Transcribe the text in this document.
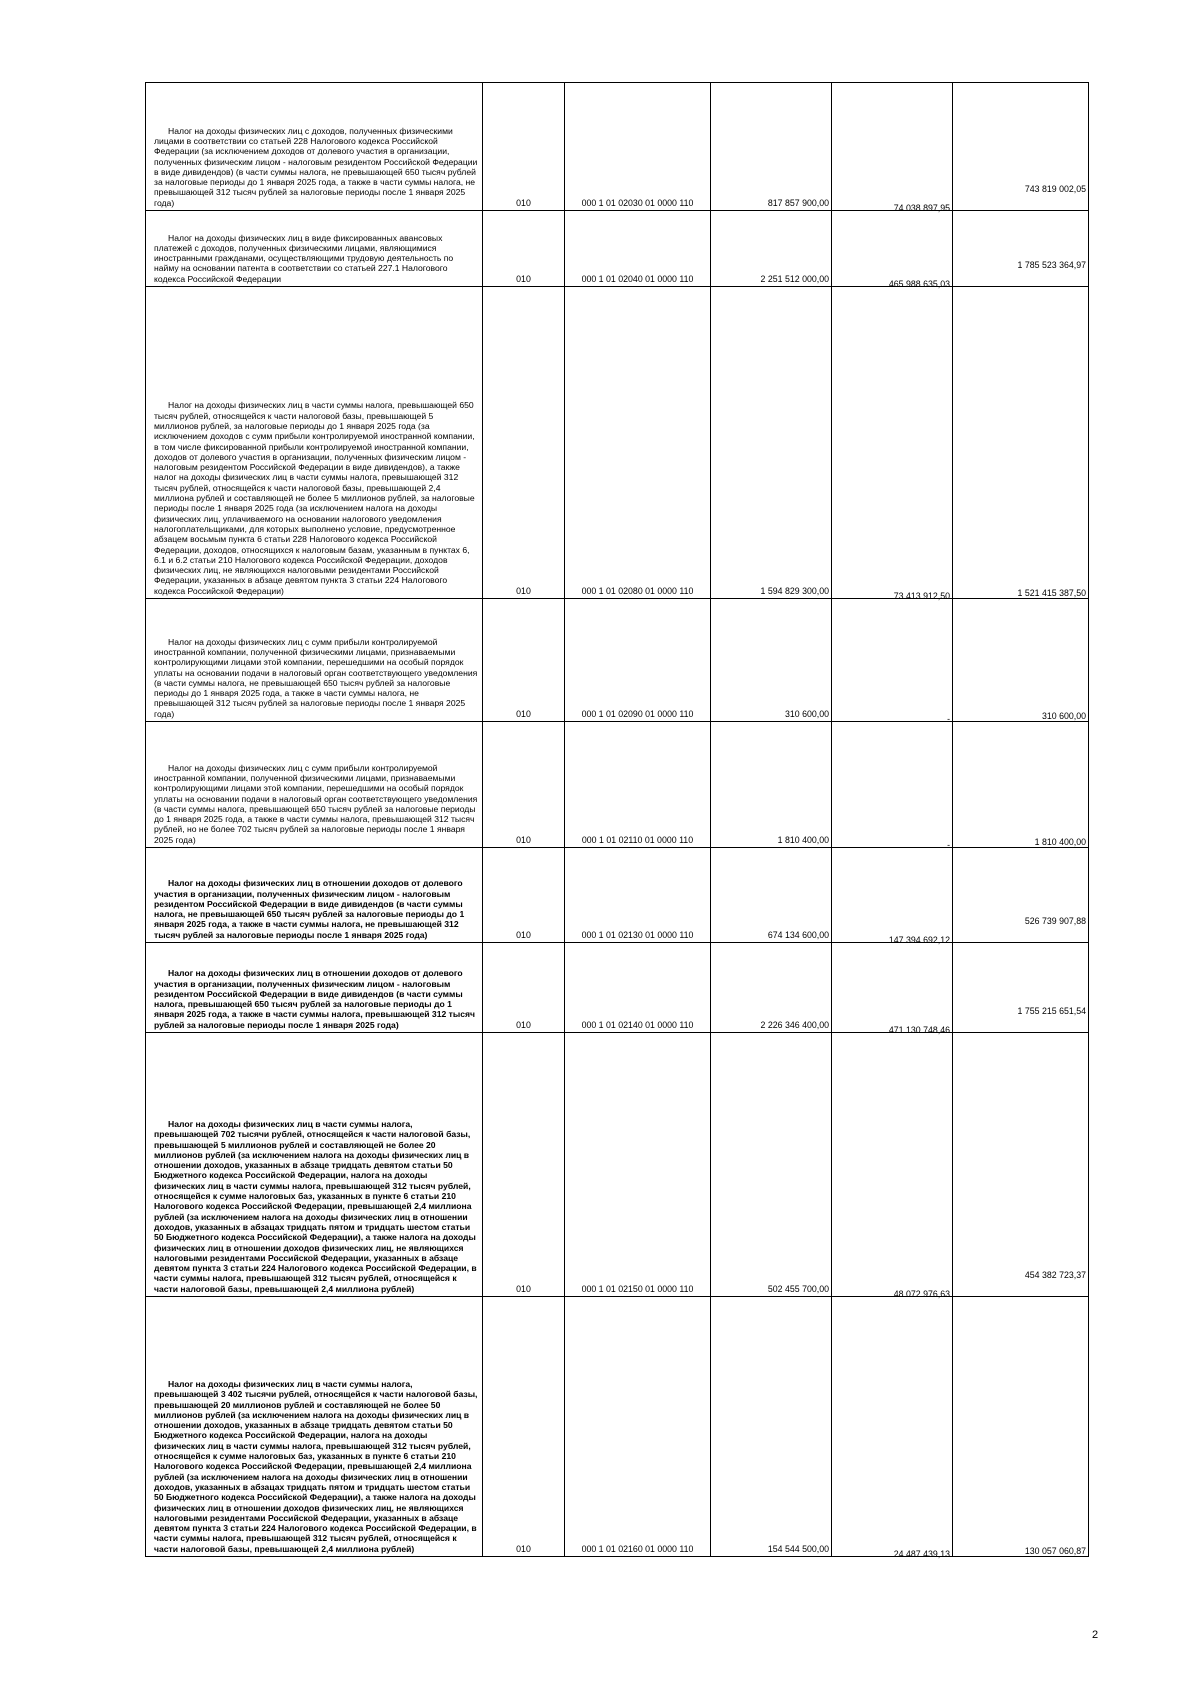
Налог на доходы физических лиц с доходов, полученных физическими лицами в соответствии со статьей 228 Налогового кодекса Российской Федерации (за исключением доходов от долевого участия в организации, полученных физическим лицом - налоговым резидентом Российской Федерации в виде дивидендов) (в части суммы налога, не превышающей 650 тысяч рублей за налоговые периоды до 1 января 2025 года, а также в части суммы налога, не превышающей 312 тысяч рублей за налоговые периоды после 1 января 2025 года)	010	000 1 01 02030 01 0000 110	817 857 900,00	74 038 897,95	743 819 002,05

Налог на доходы физических лиц в виде фиксированных авансовых платежей с доходов, полученных физическими лицами, являющимися иностранными гражданами, осуществляющими трудовую деятельность по найму на основании патента в соответствии со статьей 227.1 Налогового кодекса Российской Федерации	010	000 1 01 02040 01 0000 110	2 251 512 000,00	465 988 635,03	1 785 523 364,97

Налог на доходы физических лиц в части суммы налога, превышающей 650 тысяч рублей, относящейся к части налоговой базы, превышающей 5 миллионов рублей, за налоговые периоды до 1 января 2025 года (за исключением доходов с сумм прибыли контролируемой иностранной компании, в том числе фиксированной прибыли контролируемой иностранной компании, доходов от долевого участия в организации, полученных физическим лицом - налоговым резидентом Российской Федерации в виде дивидендов), а также налог на доходы физических лиц в части суммы налога, превышающей 312 тысяч рублей, относящейся к части налоговой базы, превышающей 2,4 миллиона рублей и составляющей не более 5 миллионов рублей, за налоговые периоды после 1 января 2025 года (за исключением налога на доходы физических лиц, уплачиваемого на основании налогового уведомления налогоплательщиками, для которых выполнено условие, предусмотренное абзацем восьмым пункта 6 статьи 228 Налогового кодекса Российской Федерации, доходов, относящихся к налоговым базам, указанным в пунктах 6, 6.1 и 6.2 статьи 210 Налогового кодекса Российской Федерации, доходов физических лиц, не являющихся налоговыми резидентами Российской Федерации, указанных в абзаце девятом пункта 3 статьи 224 Налогового кодекса Российской Федерации)	010	000 1 01 02080 01 0000 110	1 594 829 300,00	73 413 912,50	1 521 415 387,50

Налог на доходы физических лиц с сумм прибыли контролируемой иностранной компании, полученной физическими лицами, признаваемыми контролирующими лицами этой компании, перешедшими на особый порядок уплаты на основании подачи в налоговый орган соответствующего уведомления (в части суммы налога, не превышающей 650 тысяч рублей за налоговые периоды до 1 января 2025 года, а также в части суммы налога, не превышающей 312 тысяч рублей за налоговые периоды после 1 января 2025 года)	010	000 1 01 02090 01 0000 110	310 600,00	-	310 600,00

Налог на доходы физических лиц с сумм прибыли контролируемой иностранной компании, полученной физическими лицами, признаваемыми контролирующими лицами этой компании, перешедшими на особый порядок уплаты на основании подачи в налоговый орган соответствующего уведомления (в части суммы налога, превышающей 650 тысяч рублей за налоговые периоды до 1 января 2025 года, а также в части суммы налога, превышающей 312 тысяч рублей, но не более 702 тысяч рублей за налоговые периоды после 1 января 2025 года)	010	000 1 01 02110 01 0000 110	1 810 400,00	-	1 810 400,00

Налог на доходы физических лиц в отношении доходов от долевого участия в организации, полученных физическим лицом - налоговым резидентом Российской Федерации в виде дивидендов (в части суммы налога, не превышающей 650 тысяч рублей за налоговые периоды до 1 января 2025 года, а также в части суммы налога, не превышающей 312 тысяч рублей за налоговые периоды после 1 января 2025 года)	010	000 1 01 02130 01 0000 110	674 134 600,00	147 394 692,12	526 739 907,88

Налог на доходы физических лиц в отношении доходов от долевого участия в организации, полученных физическим лицом - налоговым резидентом Российской Федерации в виде дивидендов (в части суммы налога, превышающей 650 тысяч рублей за налоговые периоды до 1 января 2025 года, а также в части суммы налога, превышающей 312 тысяч рублей за налоговые периоды после 1 января 2025 года)	010	000 1 01 02140 01 0000 110	2 226 346 400,00	471 130 748,46	1 755 215 651,54

Налог на доходы физических лиц в части суммы налога, превышающей 702 тысячи рублей, относящейся к части налоговой базы, превышающей 5 миллионов рублей и составляющей не более 20 миллионов рублей (за исключением налога на доходы физических лиц в отношении доходов, указанных в абзаце тридцать девятом статьи 50 Бюджетного кодекса Российской Федерации, налога на доходы физических лиц в части суммы налога, превышающей 312 тысяч рублей, относящейся к сумме налоговых баз, указанных в пункте 6 статьи 210 Налогового кодекса Российской Федерации, превышающей 2,4 миллиона рублей (за исключением налога на доходы физических лиц в отношении доходов, указанных в абзацах тридцать пятом и тридцать шестом статьи 50 Бюджетного кодекса Российской Федерации), а также налога на доходы физических лиц в отношении доходов физических лиц, не являющихся налоговыми резидентами Российской Федерации, указанных в абзаце девятом пункта 3 статьи 224 Налогового кодекса Российской Федерации, в части суммы налога, превышающей 312 тысяч рублей, относящейся к части налоговой базы, превышающей 2,4 миллиона рублей)	010	000 1 01 02150 01 0000 110	502 455 700,00	48 072 976,63	454 382 723,37

Налог на доходы физических лиц в части суммы налога, превышающей 3 402 тысячи рублей, относящейся к части налоговой базы, превышающей 20 миллионов рублей и составляющей не более 50 миллионов рублей (за исключением налога на доходы физических лиц в отношении доходов, указанных в абзаце тридцать девятом статьи 50 Бюджетного кодекса Российской Федерации, налога на доходы физических лиц в части суммы налога, превышающей 312 тысяч рублей, относящейся к сумме налоговых баз, указанных в пункте 6 статьи 210 Налогового кодекса Российской Федерации, превышающей 2,4 миллиона рублей (за исключением налога на доходы физических лиц в отношении доходов, указанных в абзацах тридцать пятом и тридцать шестом статьи 50 Бюджетного кодекса Российской Федерации), а также налога на доходы физических лиц в отношении доходов физических лиц, не являющихся налоговыми резидентами Российской Федерации, указанных в абзаце девятом пункта 3 статьи 224 Налогового кодекса Российской Федерации, в части суммы налога, превышающей 312 тысяч рублей, относящейся к части налоговой базы, превышающей 2,4 миллиона рублей)	010	000 1 01 02160 01 0000 110	154 544 500,00	24 487 439,13	130 057 060,87
2
